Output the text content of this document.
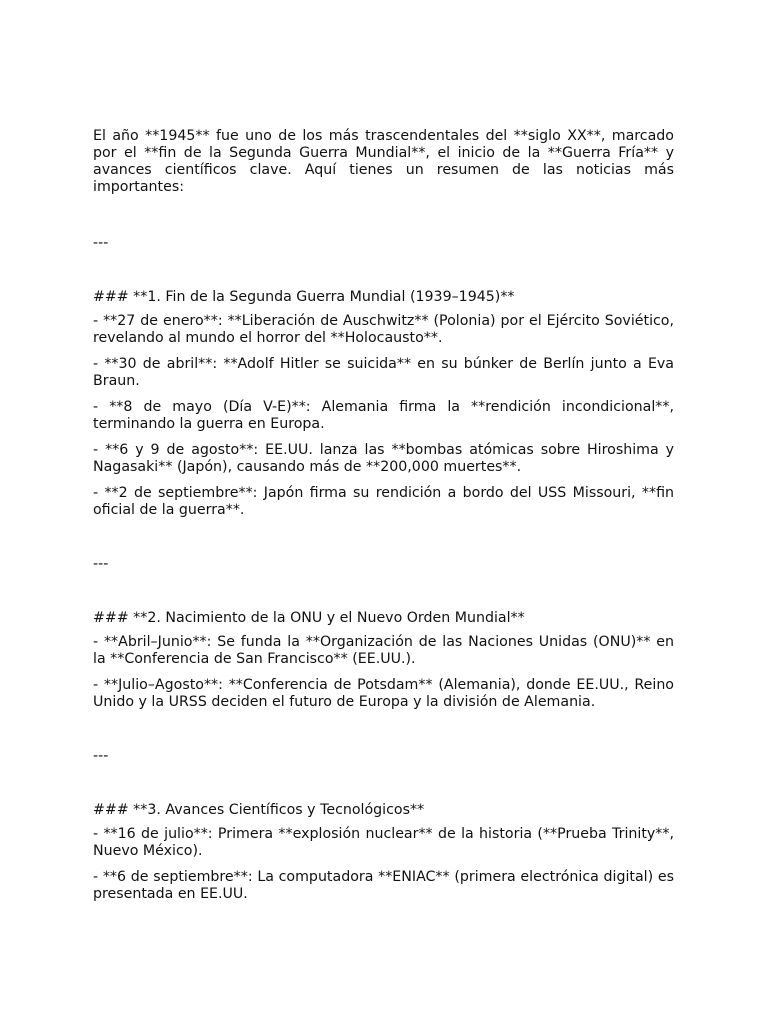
El año **1945** fue uno de los más trascendentales del **siglo XX**, marcado por el **fin de la Segunda Guerra Mundial**, el inicio de la **Guerra Fría** y avances científicos clave. Aquí tienes un resumen de las noticias más importantes:

---

### **1. Fin de la Segunda Guerra Mundial (1939–1945)**

- **27 de enero**: **Liberación de Auschwitz** (Polonia) por el Ejército Soviético, revelando al mundo el horror del **Holocausto**.

- **30 de abril**: **Adolf Hitler se suicida** en su búnker de Berlín junto a Eva Braun.

- **8 de mayo (Día V-E)**: Alemania firma la **rendición incondicional**, terminando la guerra en Europa.

- **6 y 9 de agosto**: EE.UU. lanza las **bombas atómicas sobre Hiroshima y Nagasaki** (Japón), causando más de **200,000 muertes**.

- **2 de septiembre**: Japón firma su rendición a bordo del USS Missouri, **fin oficial de la guerra**.

---

### **2. Nacimiento de la ONU y el Nuevo Orden Mundial**

- **Abril–Junio**: Se funda la **Organización de las Naciones Unidas (ONU)** en la **Conferencia de San Francisco** (EE.UU.).

- **Julio–Agosto**: **Conferencia de Potsdam** (Alemania), donde EE.UU., Reino Unido y la URSS deciden el futuro de Europa y la división de Alemania.

---

### **3. Avances Científicos y Tecnológicos**

- **16 de julio**: Primera **explosión nuclear** de la historia (**Prueba Trinity**, Nuevo México).

- **6 de septiembre**: La computadora **ENIAC** (primera electrónica digital) es presentada en EE.UU.
